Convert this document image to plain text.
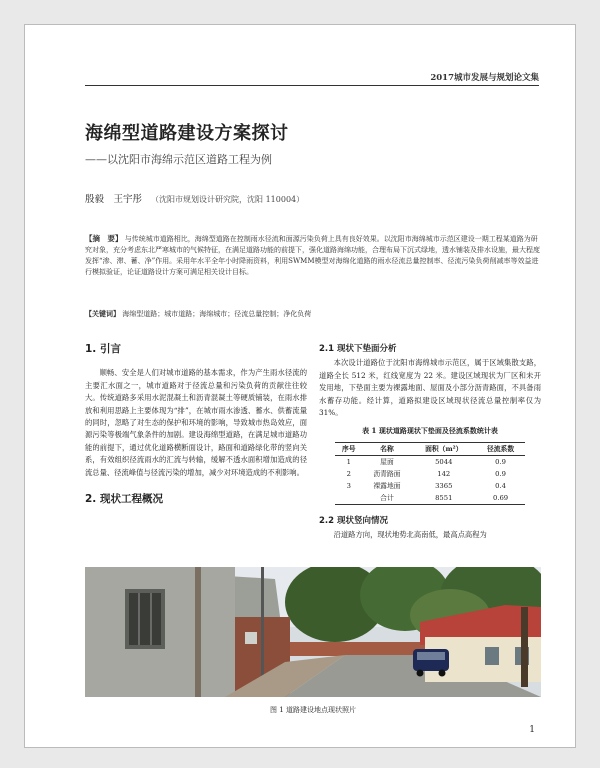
2017城市发展与规划论文集
海绵型道路建设方案探讨
——以沈阳市海绵示范区道路工程为例
殷毅　王宇彤 （沈阳市规划设计研究院，沈阳 110004）
【摘　要】 与传统城市道路相比，海绵型道路在控制雨水径流和面源污染负荷上具有良好效果。以沈阳市海绵城市示范区建设一期工程某道路为研究对象，充分考虑东北严寒城市的气候特征，在满足道路功能的前提下，强化道路海绵功能，合理布局下沉式绿地，透水铺装及排水设施，最大程度发挥“渗、滞、蓄、净”作用。采用年水平全年小时降雨资料，利用SWMM模型对海绵化道路的雨水径流总量控制率、径流污染负荷削减率等效益进行模拟验证，论证道路设计方案可满足相关设计目标。
【关键词】 海绵型道路；城市道路；海绵城市；径流总量控制；净化负荷
1. 引言

顺畅、安全是人们对城市道路的基本需求，作为产生雨水径流的主要汇水面之一，城市道路对于径流总量和污染负荷的贡献往往较大。传统道路多采用水泥混凝土和沥青混凝土等硬质铺装，在雨水排放和利用思路上主要体现为“排”，在城市雨水渗透、蓄水、供蓄流量的同时，忽略了对生态的保护和环境的影响，导致城市热岛效应，面源污染等极端气象条件的加剧。建设海绵型道路，在满足城市道路功能的前提下，通过优化道路横断面设计，路面和道路绿化带的竖向关系，有效组织径流雨水的汇流与转输，缓解不透水面积增加造成的径流总量、径流峰值与径流污染的增加，减少对环境造成的不利影响。

2. 现状工程概况
2.1 现状下垫面分析

本次设计道路位于沈阳市海绵城市示范区，属于区域集散支路，道路全长 512 米，红线宽度为 22 米。建设区域现状为厂区和未开发用地，下垫面主要为裸露地面、屋面及小部分沥青路面，不具备雨水蓄存功能。经计算，道路拟建设区域现状径流总量控制率仅为 31%。

表 1 现状道路现状下垫面及径流系数统计表
序号	名称	面积（m²）	径流系数
1	屋面	5044	0.9
2	沥青路面	142	0.9
3	裸露地面	3365	0.4
	合计	8551	0.69
2.2 现状竖向情况

沿道路方向，现状地势北高南低，最高点高程为

图 1 道路建设地点现状照片
1
